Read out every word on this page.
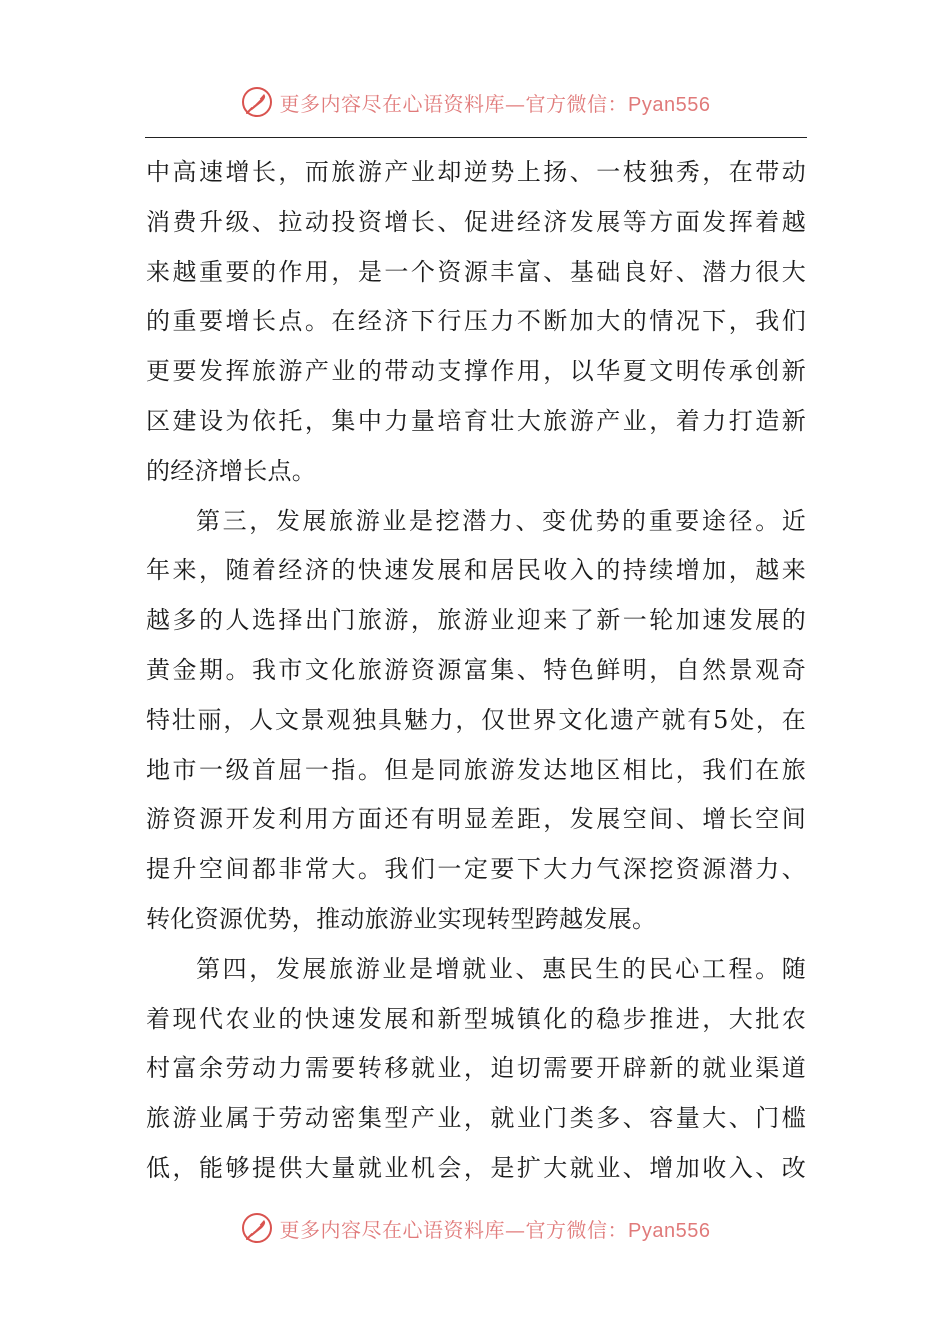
更多内容尽在心语资料库—官方微信：Pyan556
中高速增长，而旅游产业却逆势上扬、一枝独秀，在带动
消费升级、拉动投资增长、促进经济发展等方面发挥着越
来越重要的作用，是一个资源丰富、基础良好、潜力很大
的重要增长点。在经济下行压力不断加大的情况下，我们
更要发挥旅游产业的带动支撑作用，以华夏文明传承创新
区建设为依托，集中力量培育壮大旅游产业，着力打造新
的经济增长点。
第三，发展旅游业是挖潜力、变优势的重要途径。近
年来，随着经济的快速发展和居民收入的持续增加，越来
越多的人选择出门旅游，旅游业迎来了新一轮加速发展的
黄金期。我市文化旅游资源富集、特色鲜明，自然景观奇
特壮丽，人文景观独具魅力，仅世界文化遗产就有5处，在
地市一级首屈一指。但是同旅游发达地区相比，我们在旅
游资源开发利用方面还有明显差距，发展空间、增长空间
提升空间都非常大。我们一定要下大力气深挖资源潜力、
转化资源优势，推动旅游业实现转型跨越发展。
第四，发展旅游业是增就业、惠民生的民心工程。随
着现代农业的快速发展和新型城镇化的稳步推进，大批农
村富余劳动力需要转移就业，迫切需要开辟新的就业渠道
旅游业属于劳动密集型产业，就业门类多、容量大、门槛
低，能够提供大量就业机会，是扩大就业、增加收入、改
更多内容尽在心语资料库—官方微信：Pyan556
